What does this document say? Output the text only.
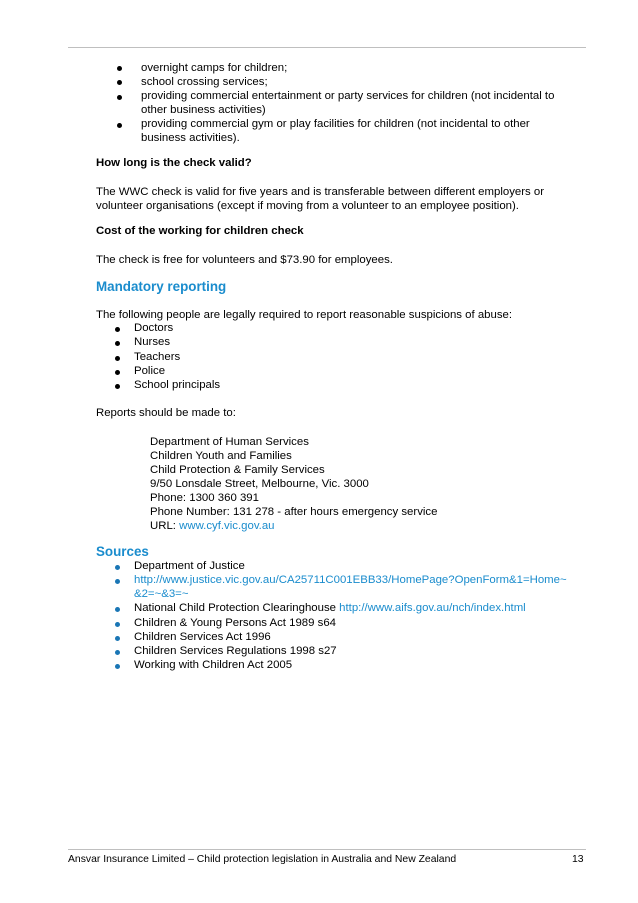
overnight camps for children;
school crossing services;
providing commercial entertainment or party services for children (not incidental to
other business activities)
providing commercial gym or play facilities for children (not incidental to other
business activities).
How long is the check valid?
The WWC check is valid for five years and is transferable between different employers or
volunteer organisations (except if moving from a volunteer to an employee position).
Cost of the working for children check
The check is free for volunteers and $73.90 for employees.
Mandatory reporting
The following people are legally required to report reasonable suspicions of abuse:
Doctors
Nurses
Teachers
Police
School principals
Reports should be made to:
Department of Human Services
Children Youth and Families
Child Protection & Family Services
9/50 Lonsdale Street, Melbourne, Vic. 3000
Phone: 1300 360 391
Phone Number: 131 278 - after hours emergency service
URL: www.cyf.vic.gov.au
Sources
Department of Justice
http://www.justice.vic.gov.au/CA25711C001EBB33/HomePage?OpenForm&1=Home~
&2=~&3=~
National Child Protection Clearinghouse http://www.aifs.gov.au/nch/index.html
Children & Young Persons Act 1989 s64
Children Services Act 1996
Children Services Regulations 1998 s27
Working with Children Act 2005
Ansvar Insurance Limited – Child protection legislation in Australia and New Zealand	13
